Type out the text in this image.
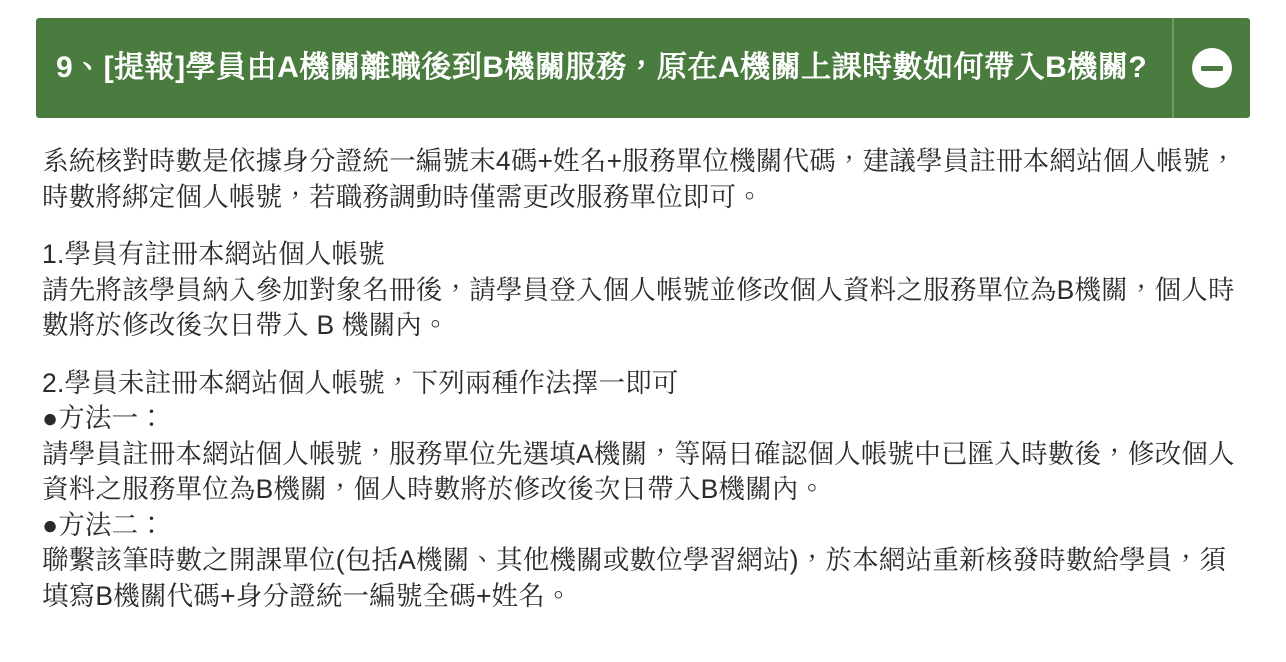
9、[提報]學員由A機關離職後到B機關服務，原在A機關上課時數如何帶入B機關?

系統核對時數是依據身分證統一編號末4碼+姓名+服務單位機關代碼，建議學員註冊本網站個人帳號，時數將綁定個人帳號，若職務調動時僅需更改服務單位即可。

1.學員有註冊本網站個人帳號
請先將該學員納入參加對象名冊後，請學員登入個人帳號並修改個人資料之服務單位為B機關，個人時數將於修改後次日帶入 B 機關內。

2.學員未註冊本網站個人帳號，下列兩種作法擇一即可
●方法一：
請學員註冊本網站個人帳號，服務單位先選填A機關，等隔日確認個人帳號中已匯入時數後，修改個人資料之服務單位為B機關，個人時數將於修改後次日帶入B機關內。
●方法二：
聯繫該筆時數之開課單位(包括A機關、其他機關或數位學習網站)，於本網站重新核發時數給學員，須填寫B機關代碼+身分證統一編號全碼+姓名。
